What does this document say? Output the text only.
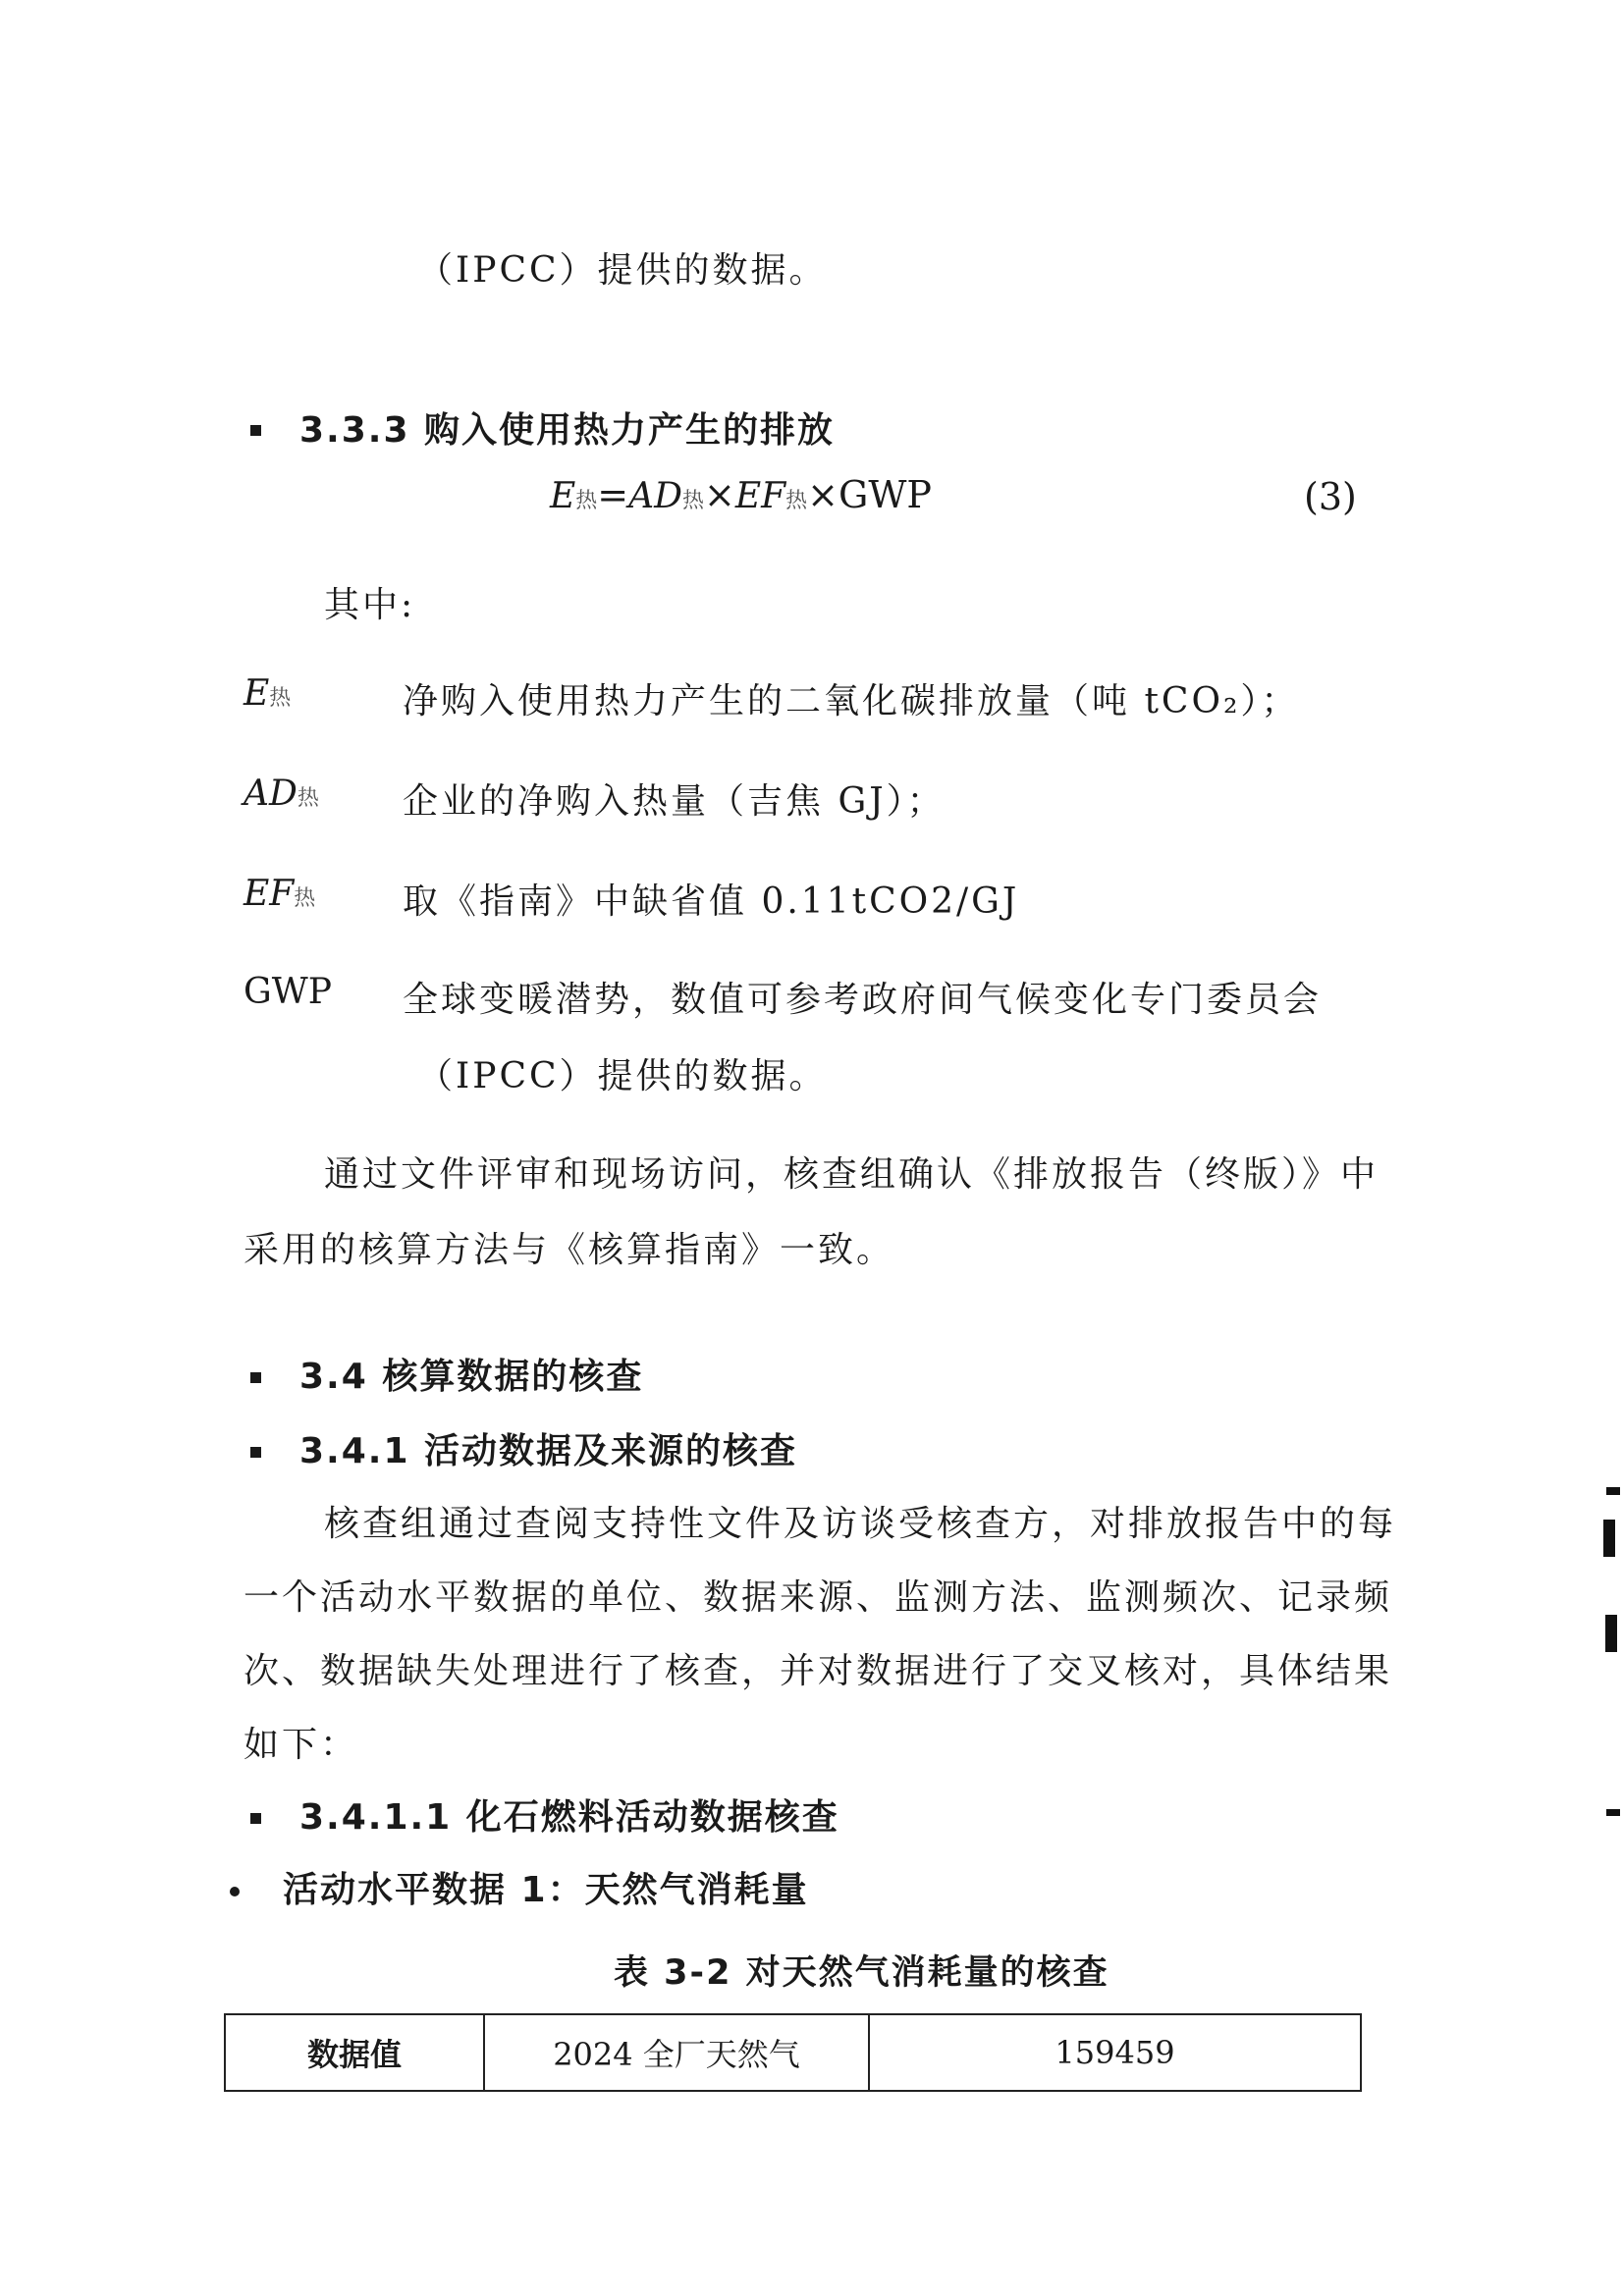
（IPCC）提供的数据。
3.3.3 购入使用热力产生的排放
E热=AD热×EF热×GWP	(3)
其中:
E热	净购入使用热力产生的二氧化碳排放量（吨 tCO₂）；
AD热 企业的净购入热量（吉焦 GJ）；
EF热 取《指南》中缺省值 0.11tCO2/GJ
GWP 全球变暖潜势，数值可参考政府间气候变化专门委员会
（IPCC）提供的数据。
通过文件评审和现场访问，核查组确认《排放报告（终版）》中
采用的核算方法与《核算指南》一致。
3.4 核算数据的核查
3.4.1 活动数据及来源的核查
核查组通过查阅支持性文件及访谈受核查方，对排放报告中的每
一个活动水平数据的单位、数据来源、监测方法、监测频次、记录频
次、数据缺失处理进行了核查，并对数据进行了交叉核对，具体结果
如下：
3.4.1.1 化石燃料活动数据核查
活动水平数据 1：天然气消耗量
表 3-2 对天然气消耗量的核查
数据值	2024 全厂天然气	159459
